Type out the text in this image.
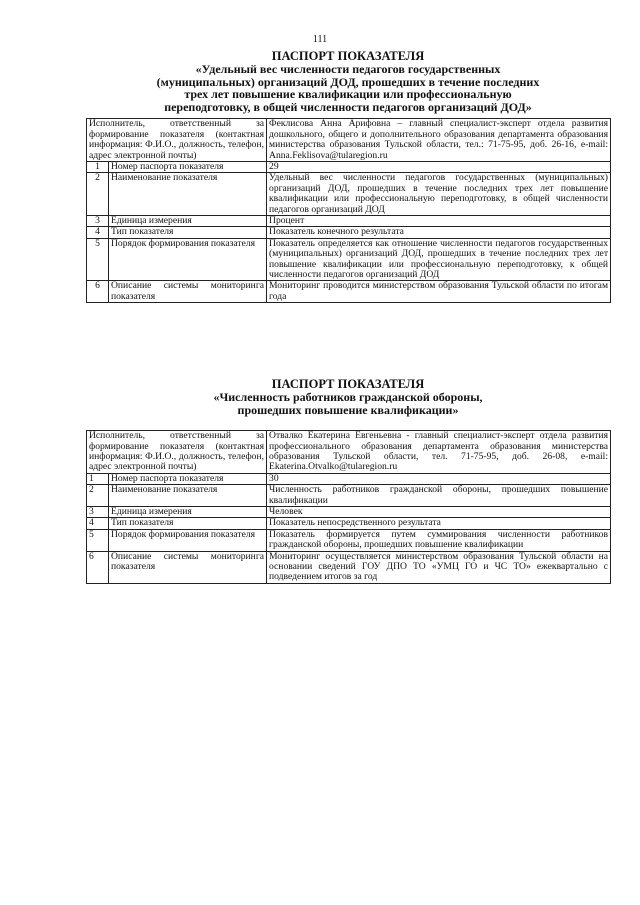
111
ПАСПОРТ ПОКАЗАТЕЛЯ
«Удельный вес численности педагогов государственных
(муниципальных) организаций ДОД, прошедших в течение последних
трех лет повышение квалификации или профессиональную
переподготовку, в общей численности педагогов организаций ДОД»
Исполнитель, ответственный за формирование показателя (контактная информация: Ф.И.О., должность, телефон, адрес электронной почты)		Феклисова Анна Арифовна – главный специалист-эксперт отдела развития дошкольного, общего и дополнительного образования департамента образования министерства образования Тульской области, тел.: 71-75-95, доб. 26-16, e-mail: Anna.Feklisova@tularegion.ru
1	Номер паспорта показателя	29
2	Наименование показателя	Удельный вес численности педагогов государственных (муниципальных) организаций ДОД, прошедших в течение последних трех лет повышение квалификации или профессиональную переподготовку, в общей численности педагогов организаций ДОД
3	Единица измерения	Процент
4	Тип показателя	Показатель конечного результата
5	Порядок формирования показателя	Показатель определяется как отношение численности педагогов государственных (муниципальных) организаций ДОД, прошедших в течение последних трех лет повышение квалификации или профессиональную переподготовку, к общей численности педагогов организаций ДОД
6	Описание системы мониторинга показателя	Мониторинг проводится министерством образования Тульской области по итогам года
ПАСПОРТ ПОКАЗАТЕЛЯ
«Численность работников гражданской обороны,
прошедших повышение квалификации»
Исполнитель, ответственный за формирование показателя (контактная информация: Ф.И.О., должность, телефон, адрес электронной почты)		Отвалко Екатерина Евгеньевна - главный специалист-эксперт отдела развития профессионального образования департамента образования министерства образования Тульской области, тел. 71-75-95, доб. 26-08, e-mail: Ekaterina.Otvalko@tularegion.ru
1	Номер паспорта показателя	30
2	Наименование показателя	Численность работников гражданской обороны, прошедших повышение квалификации
3	Единица измерения	Человек
4	Тип показателя	Показатель непосредственного результата
5	Порядок формирования показателя	Показатель формируется путем суммирования численности работников гражданской обороны, прошедших повышение квалификации
6	Описание системы мониторинга показателя	Мониторинг осуществляется министерством образования Тульской области на основании сведений ГОУ ДПО ТО «УМЦ ГО и ЧС ТО» ежеквартально с подведением итогов за год
